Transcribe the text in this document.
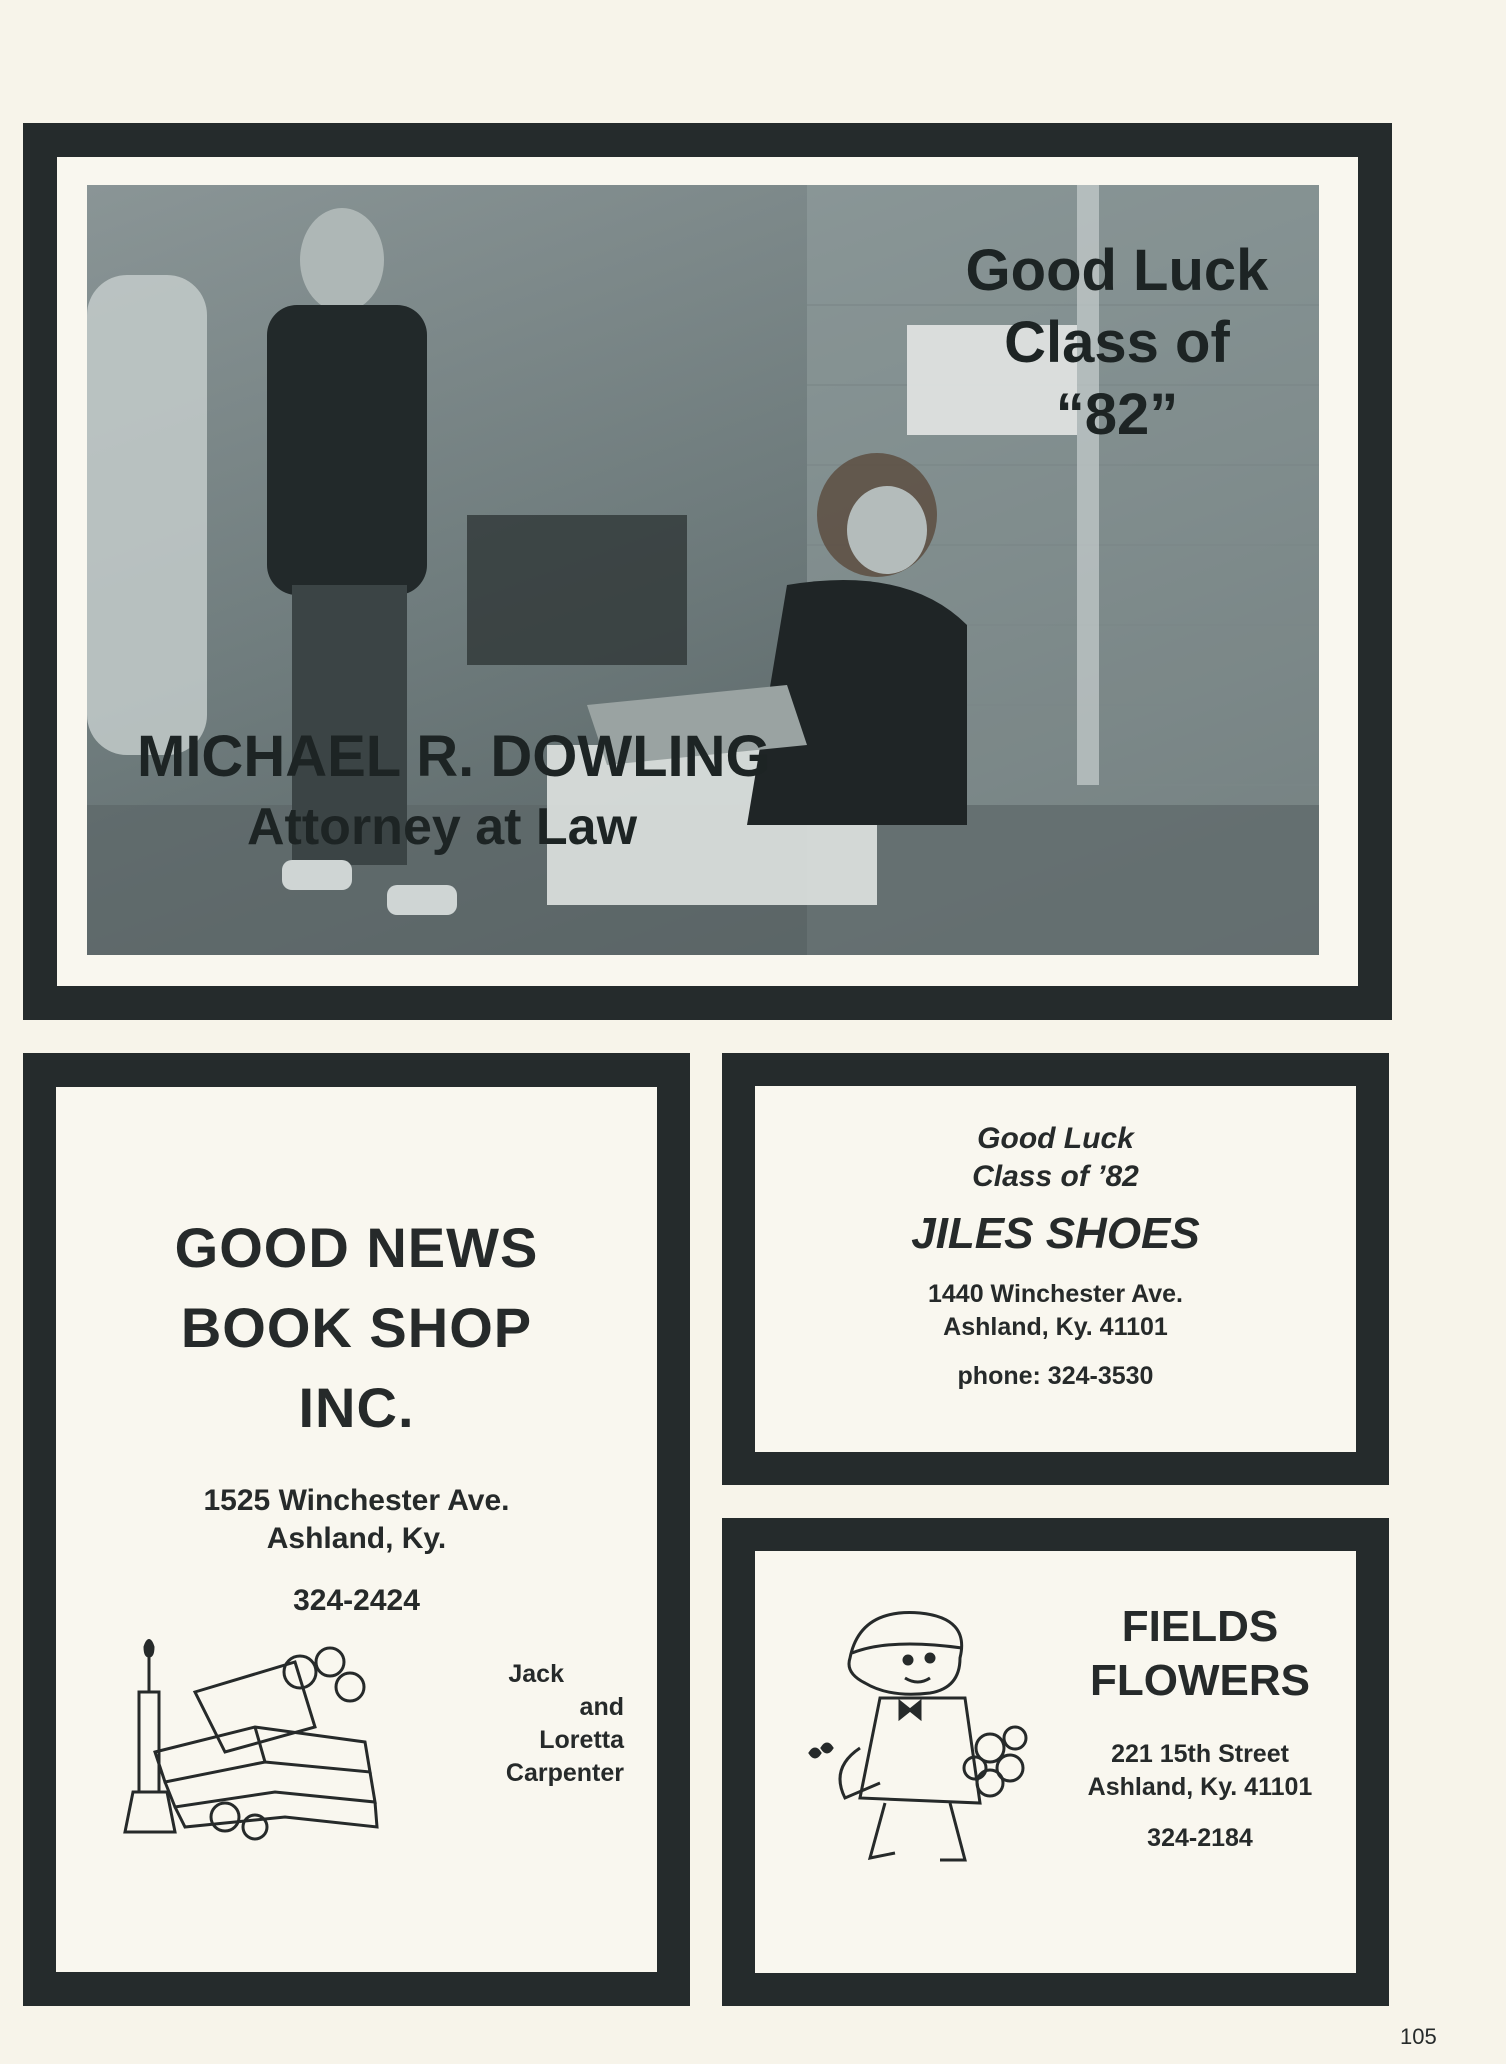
Good Luck
Class of
“82”
MICHAEL R. DOWLING
Attorney at Law
GOOD NEWS
BOOK SHOP
INC.
1525 Winchester Ave.
Ashland, Ky.
324-2424
Jack
and
Loretta
Carpenter
Good Luck
Class of ’82
JILES SHOES
1440 Winchester Ave.
Ashland, Ky. 41101
phone: 324-3530
FIELDS
FLOWERS
221 15th Street
Ashland, Ky. 41101
324-2184
105
